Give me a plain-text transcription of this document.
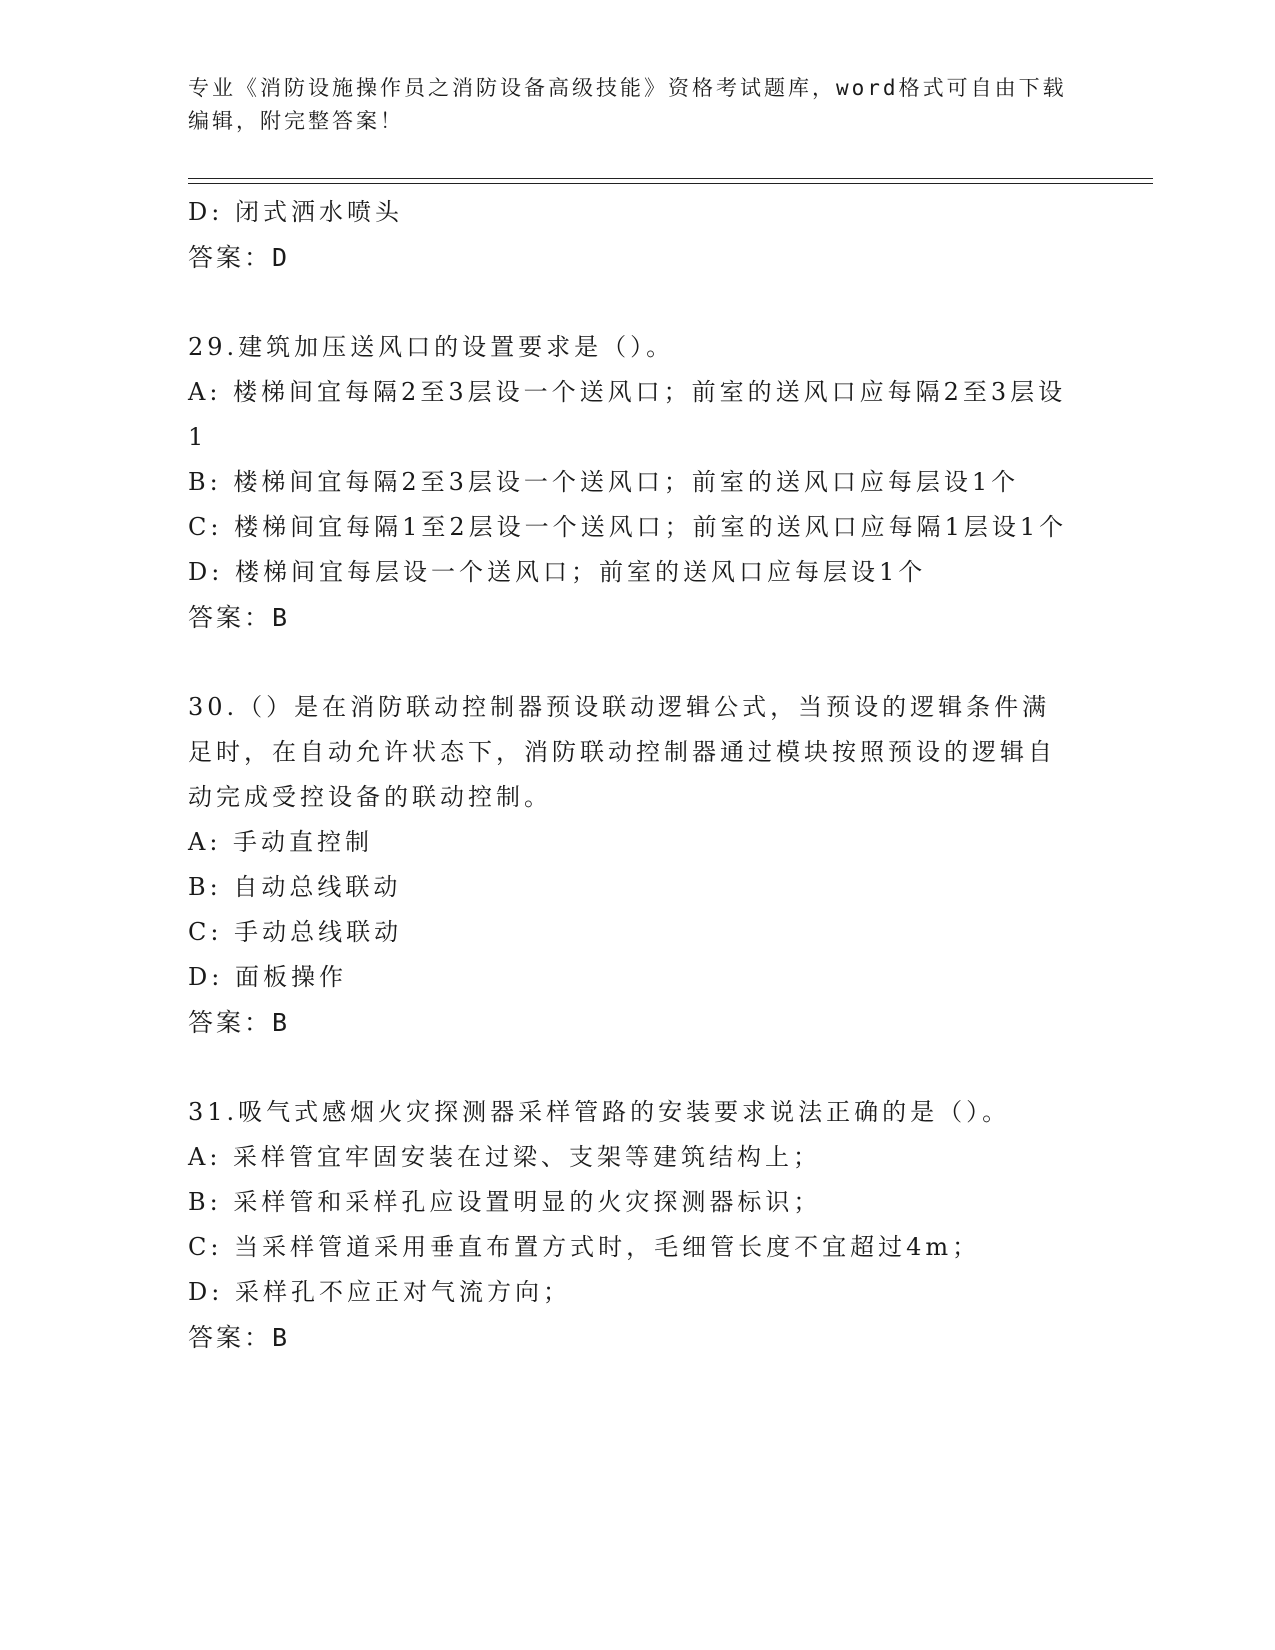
专业《消防设施操作员之消防设备高级技能》资格考试题库，word格式可自由下载编辑，附完整答案！

D: 闭式洒水喷头

答案：D

29.建筑加压送风口的设置要求是（）。

A: 楼梯间宜每隔2至3层设一个送风口；前室的送风口应每隔2至3层设1

B: 楼梯间宜每隔2至3层设一个送风口；前室的送风口应每层设1个

C: 楼梯间宜每隔1至2层设一个送风口；前室的送风口应每隔1层设1个

D: 楼梯间宜每层设一个送风口；前室的送风口应每层设1个

答案：B

30.（）是在消防联动控制器预设联动逻辑公式，当预设的逻辑条件满足时，在自动允许状态下，消防联动控制器通过模块按照预设的逻辑自动完成受控设备的联动控制。

A: 手动直控制

B: 自动总线联动

C: 手动总线联动

D: 面板操作

答案：B

31.吸气式感烟火灾探测器采样管路的安装要求说法正确的是（）。

A: 采样管宜牢固安装在过梁、支架等建筑结构上；

B: 采样管和采样孔应设置明显的火灾探测器标识；

C: 当采样管道采用垂直布置方式时，毛细管长度不宜超过4m；

D: 采样孔不应正对气流方向；

答案：B
